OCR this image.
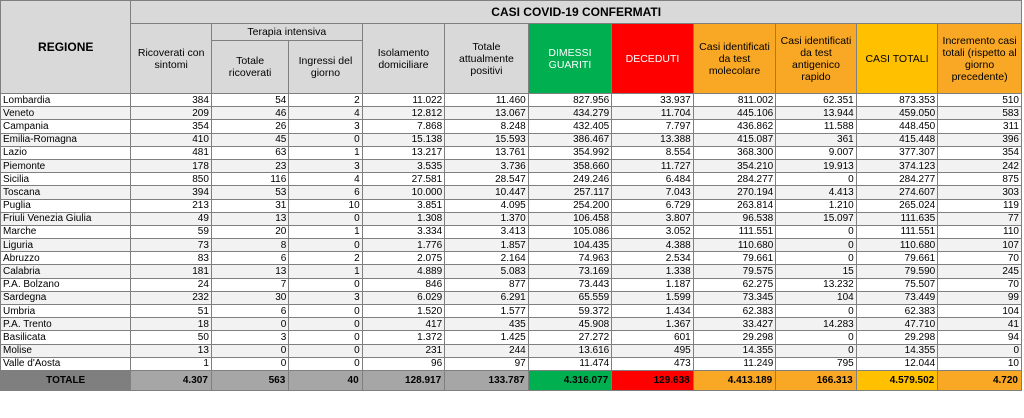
REGIONE	CASI COVID-19 CONFERMATI										
	Ricoverati con sintomi	Terapia intensiva		Isolamento domiciliare	Totale attualmente positivi	DIMESSI GUARITI	DECEDUTI	Casi identificati da test molecolare	Casi identificati da test antigenico rapido	CASI TOTALI	Incremento casi totali (rispetto al giorno precedente)
		Totale ricoverati	Ingressi del giorno								
Lombardia	384	54	2	11.022	11.460	827.956	33.937	811.002	62.351	873.353	510
Veneto	209	46	4	12.812	13.067	434.279	11.704	445.106	13.944	459.050	583
Campania	354	26	3	7.868	8.248	432.405	7.797	436.862	11.588	448.450	311
Emilia-Romagna	410	45	0	15.138	15.593	386.467	13.388	415.087	361	415.448	396
Lazio	481	63	1	13.217	13.761	354.992	8.554	368.300	9.007	377.307	354
Piemonte	178	23	3	3.535	3.736	358.660	11.727	354.210	19.913	374.123	242
Sicilia	850	116	4	27.581	28.547	249.246	6.484	284.277	0	284.277	875
Toscana	394	53	6	10.000	10.447	257.117	7.043	270.194	4.413	274.607	303
Puglia	213	31	10	3.851	4.095	254.200	6.729	263.814	1.210	265.024	119
Friuli Venezia Giulia	49	13	0	1.308	1.370	106.458	3.807	96.538	15.097	111.635	77
Marche	59	20	1	3.334	3.413	105.086	3.052	111.551	0	111.551	110
Liguria	73	8	0	1.776	1.857	104.435	4.388	110.680	0	110.680	107
Abruzzo	83	6	2	2.075	2.164	74.963	2.534	79.661	0	79.661	70
Calabria	181	13	1	4.889	5.083	73.169	1.338	79.575	15	79.590	245
P.A. Bolzano	24	7	0	846	877	73.443	1.187	62.275	13.232	75.507	70
Sardegna	232	30	3	6.029	6.291	65.559	1.599	73.345	104	73.449	99
Umbria	51	6	0	1.520	1.577	59.372	1.434	62.383	0	62.383	104
P.A. Trento	18	0	0	417	435	45.908	1.367	33.427	14.283	47.710	41
Basilicata	50	3	0	1.372	1.425	27.272	601	29.298	0	29.298	94
Molise	13	0	0	231	244	13.616	495	14.355	0	14.355	0
Valle d'Aosta	1	0	0	96	97	11.474	473	11.249	795	12.044	10
TOTALE	4.307	563	40	128.917	133.787	4.316.077	129.638	4.413.189	166.313	4.579.502	4.720
